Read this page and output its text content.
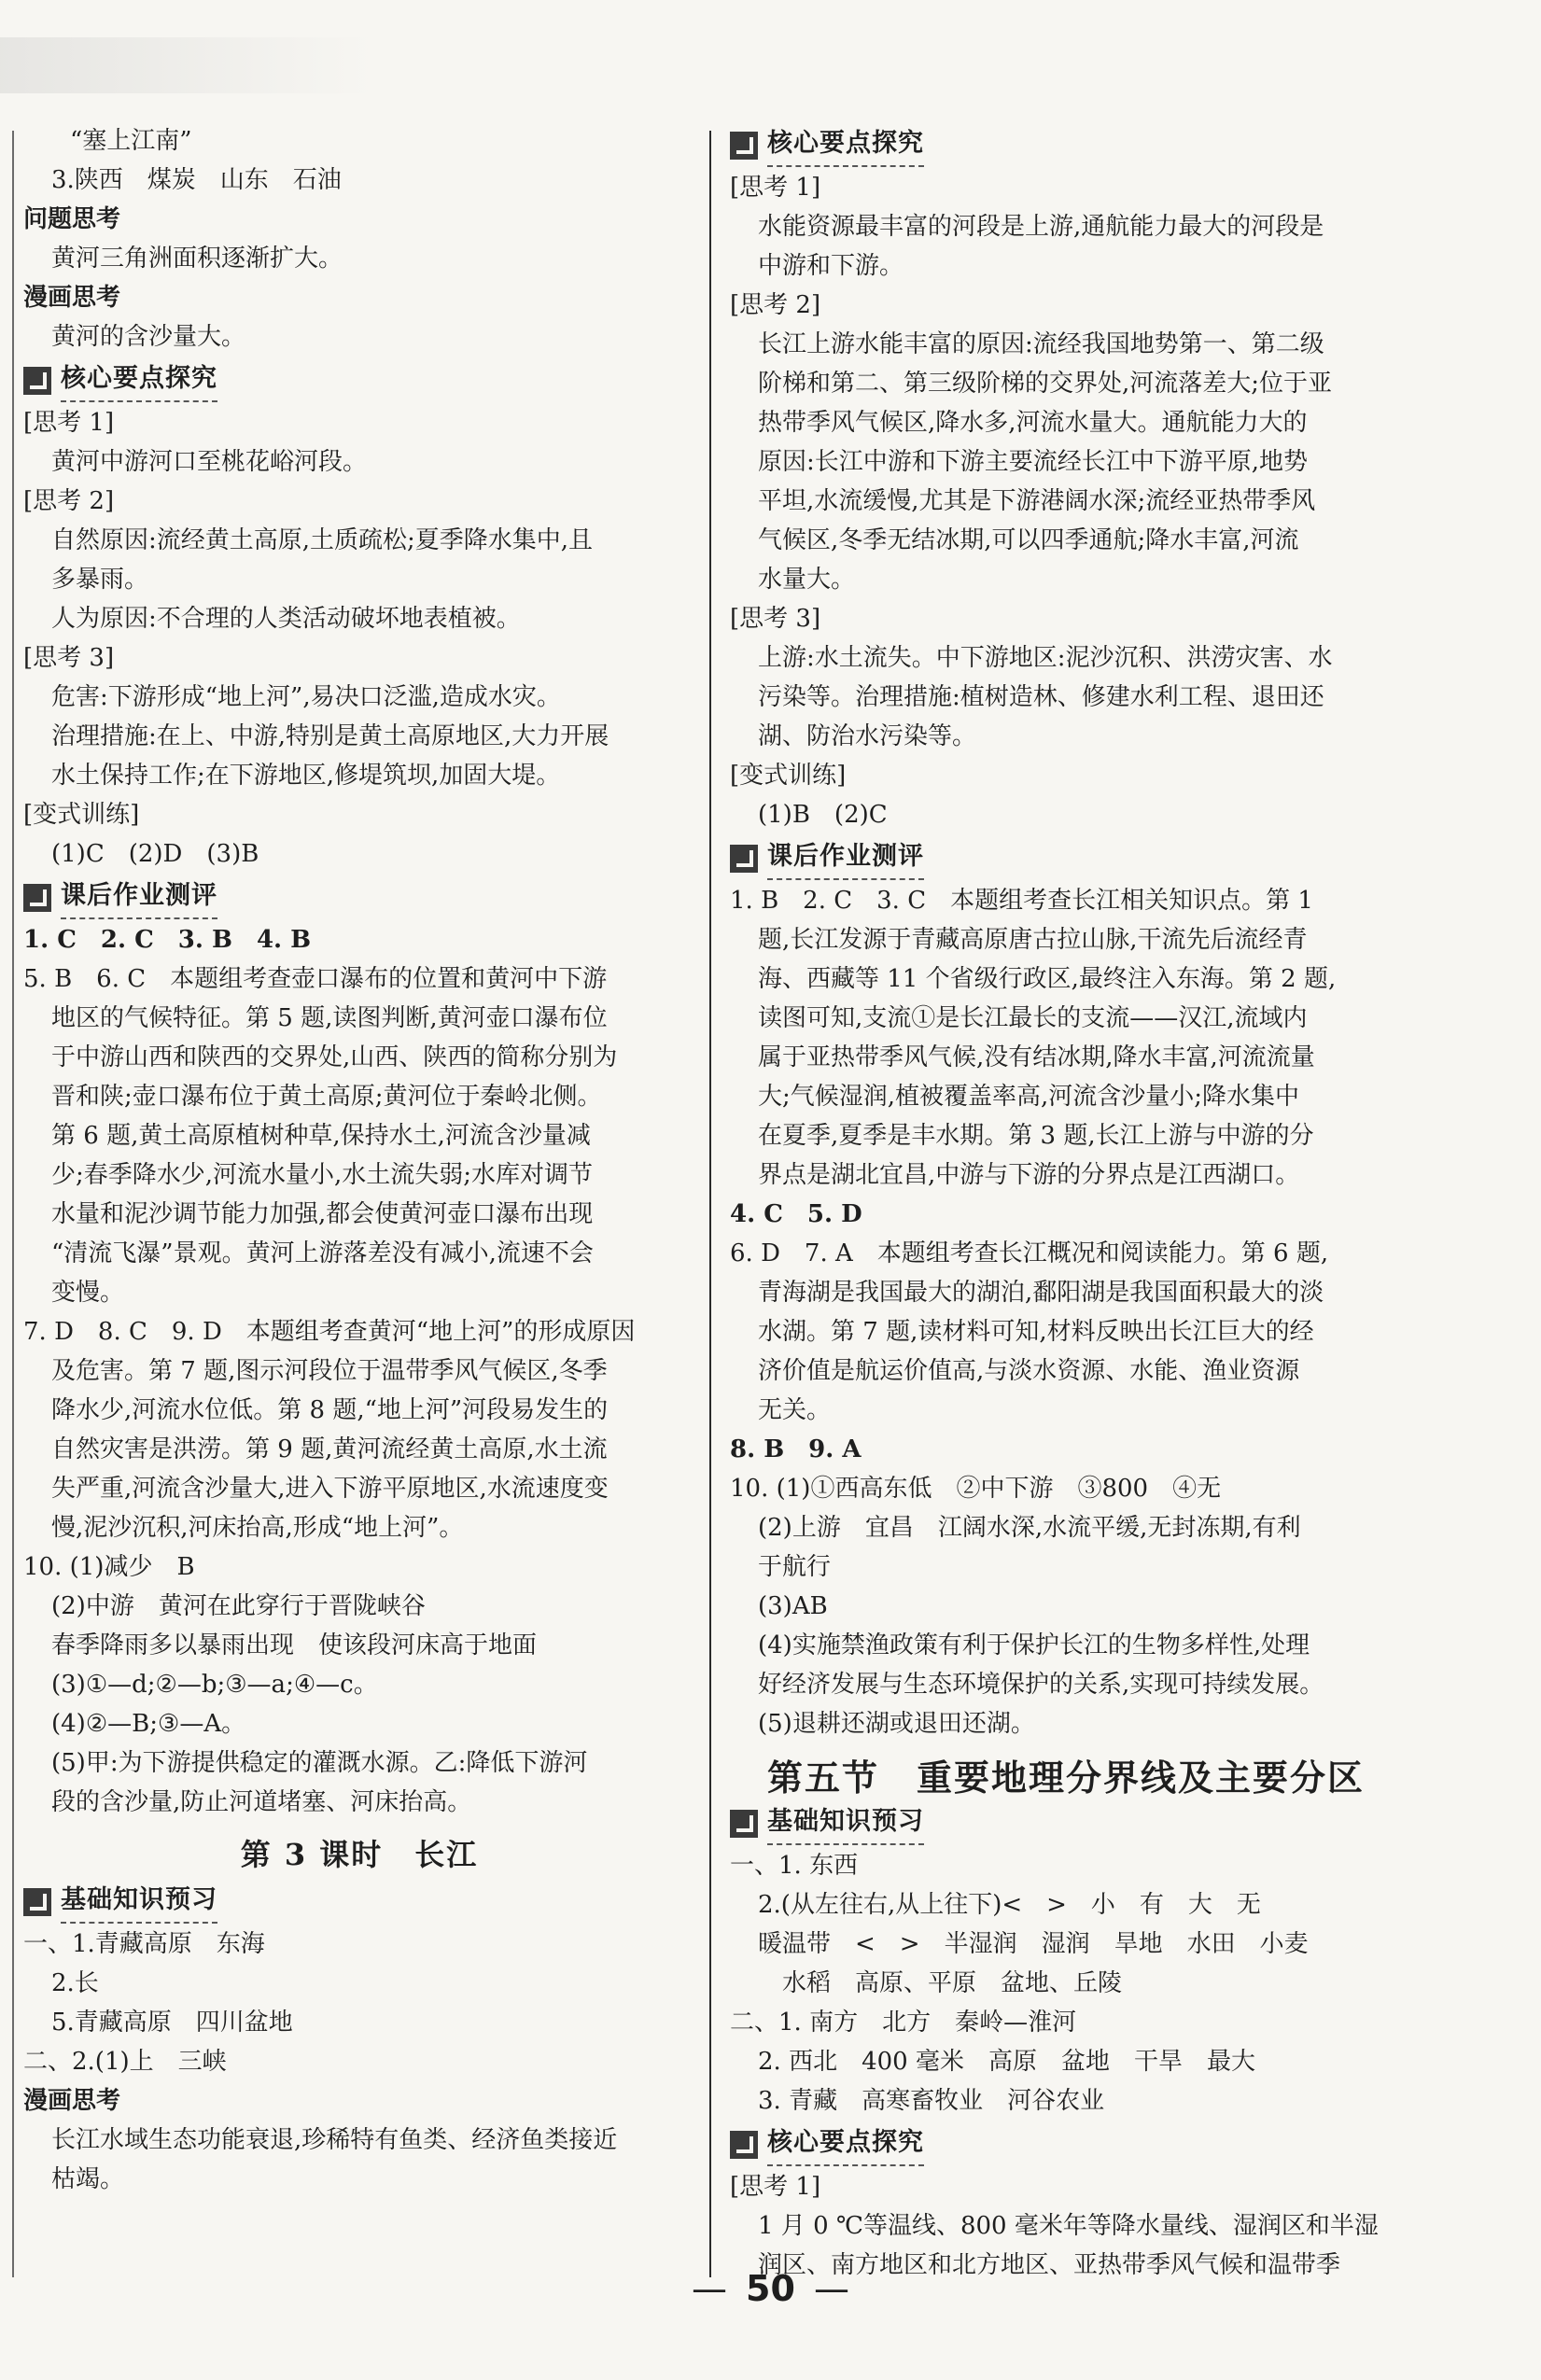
“塞上江南”
3.陕西　煤炭　山东　石油
问题思考
黄河三角洲面积逐渐扩大。
漫画思考
黄河的含沙量大。
核心要点探究
[思考 1]
黄河中游河口至桃花峪河段。
[思考 2]
自然原因:流经黄土高原,土质疏松;夏季降水集中,且
多暴雨。
人为原因:不合理的人类活动破坏地表植被。
[思考 3]
危害:下游形成“地上河”,易决口泛滥,造成水灾。
治理措施:在上、中游,特别是黄土高原地区,大力开展
水土保持工作;在下游地区,修堤筑坝,加固大堤。
[变式训练]
(1)C　(2)D　(3)B
课后作业测评
1. C　2. C　3. B　4. B
5. B　6. C　本题组考查壶口瀑布的位置和黄河中下游
地区的气候特征。第 5 题,读图判断,黄河壶口瀑布位
于中游山西和陕西的交界处,山西、陕西的简称分别为
晋和陕;壶口瀑布位于黄土高原;黄河位于秦岭北侧。
第 6 题,黄土高原植树种草,保持水土,河流含沙量减
少;春季降水少,河流水量小,水土流失弱;水库对调节
水量和泥沙调节能力加强,都会使黄河壶口瀑布出现
“清流飞瀑”景观。黄河上游落差没有减小,流速不会
变慢。
7. D　8. C　9. D　本题组考查黄河“地上河”的形成原因
及危害。第 7 题,图示河段位于温带季风气候区,冬季
降水少,河流水位低。第 8 题,“地上河”河段易发生的
自然灾害是洪涝。第 9 题,黄河流经黄土高原,水土流
失严重,河流含沙量大,进入下游平原地区,水流速度变
慢,泥沙沉积,河床抬高,形成“地上河”。
10. (1)减少　B
(2)中游　黄河在此穿行于晋陇峡谷
春季降雨多以暴雨出现　使该段河床高于地面
(3)①—d;②—b;③—a;④—c。
(4)②—B;③—A。
(5)甲:为下游提供稳定的灌溉水源。乙:降低下游河
段的含沙量,防止河道堵塞、河床抬高。
第 3 课时　长江
基础知识预习
一、1.青藏高原　东海
2.长
5.青藏高原　四川盆地
二、2.(1)上　三峡
漫画思考
长江水域生态功能衰退,珍稀特有鱼类、经济鱼类接近
枯竭。
核心要点探究
[思考 1]
水能资源最丰富的河段是上游,通航能力最大的河段是
中游和下游。
[思考 2]
长江上游水能丰富的原因:流经我国地势第一、第二级
阶梯和第二、第三级阶梯的交界处,河流落差大;位于亚
热带季风气候区,降水多,河流水量大。通航能力大的
原因:长江中游和下游主要流经长江中下游平原,地势
平坦,水流缓慢,尤其是下游港阔水深;流经亚热带季风
气候区,冬季无结冰期,可以四季通航;降水丰富,河流
水量大。
[思考 3]
上游:水土流失。中下游地区:泥沙沉积、洪涝灾害、水
污染等。治理措施:植树造林、修建水利工程、退田还
湖、防治水污染等。
[变式训练]
(1)B　(2)C
课后作业测评
1. B　2. C　3. C　本题组考查长江相关知识点。第 1
题,长江发源于青藏高原唐古拉山脉,干流先后流经青
海、西藏等 11 个省级行政区,最终注入东海。第 2 题,
读图可知,支流①是长江最长的支流——汉江,流域内
属于亚热带季风气候,没有结冰期,降水丰富,河流流量
大;气候湿润,植被覆盖率高,河流含沙量小;降水集中
在夏季,夏季是丰水期。第 3 题,长江上游与中游的分
界点是湖北宜昌,中游与下游的分界点是江西湖口。
4. C　5. D
6. D　7. A　本题组考查长江概况和阅读能力。第 6 题,
青海湖是我国最大的湖泊,鄱阳湖是我国面积最大的淡
水湖。第 7 题,读材料可知,材料反映出长江巨大的经
济价值是航运价值高,与淡水资源、水能、渔业资源
无关。
8. B　9. A
10. (1)①西高东低　②中下游　③800　④无
(2)上游　宜昌　江阔水深,水流平缓,无封冻期,有利
于航行
(3)AB
(4)实施禁渔政策有利于保护长江的生物多样性,处理
好经济发展与生态环境保护的关系,实现可持续发展。
(5)退耕还湖或退田还湖。
第五节　重要地理分界线及主要分区
基础知识预习
一、1. 东西
2.(从左往右,从上往下)<　>　小　有　大　无
暖温带　<　>　半湿润　湿润　旱地　水田　小麦
　水稻　高原、平原　盆地、丘陵
二、1. 南方　北方　秦岭—淮河
2. 西北　400 毫米　高原　盆地　干旱　最大
3. 青藏　高寒畜牧业　河谷农业
核心要点探究
[思考 1]
1 月 0 ℃等温线、800 毫米年等降水量线、湿润区和半湿
润区、南方地区和北方地区、亚热带季风气候和温带季
— 50 —
